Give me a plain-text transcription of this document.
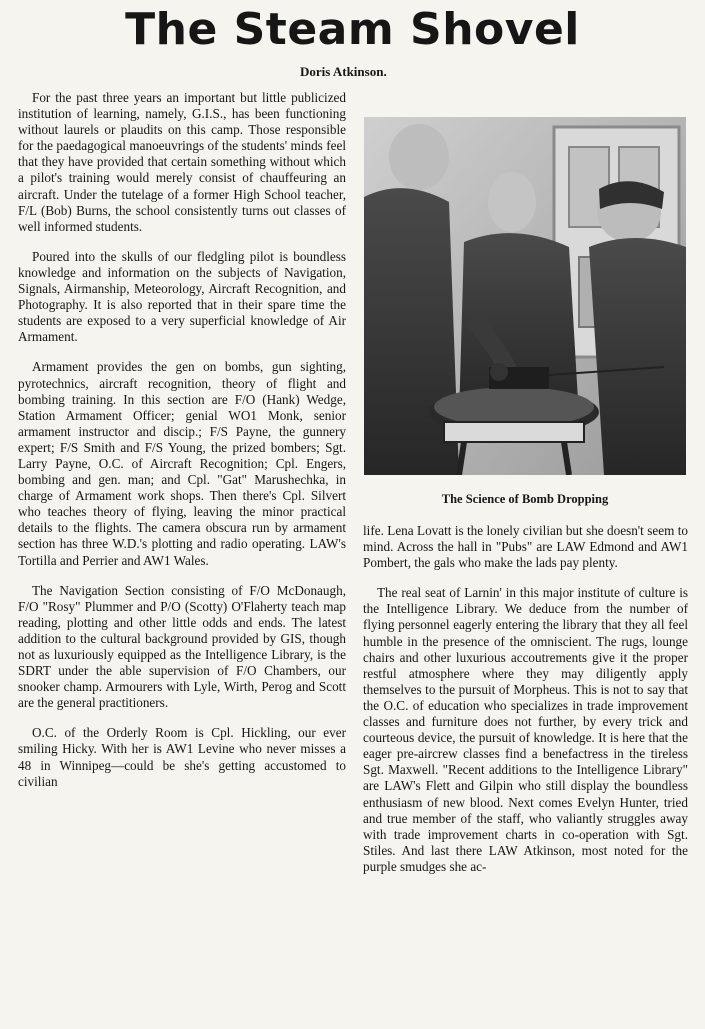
The Steam Shovel

Doris Atkinson.

For the past three years an important but little publicized institution of learning, namely, G.I.S., has been functioning without laurels or plaudits on this camp. Those responsible for the paedagogical manoeuvrings of the students' minds feel that they have provided that certain something without which a pilot's training would merely consist of chauffeuring an aircraft. Under the tutelage of a former High School teacher, F/L (Bob) Burns, the school consistently turns out classes of well informed students.

Poured into the skulls of our fledgling pilot is boundless knowledge and information on the subjects of Navigation, Signals, Airmanship, Meteorology, Aircraft Recognition, and Photography. It is also reported that in their spare time the students are exposed to a very superficial knowledge of Air Armament.

Armament provides the gen on bombs, gun sighting, pyrotechnics, aircraft recognition, theory of flight and bombing training. In this section are F/O (Hank) Wedge, Station Armament Officer; genial WO1 Monk, senior armament instructor and discip.; F/S Payne, the gunnery expert; F/S Smith and F/S Young, the prized bombers; Sgt. Larry Payne, O.C. of Aircraft Recognition; Cpl. Engers, bombing and gen. man; and Cpl. "Gat" Marushechka, in charge of Armament work shops. Then there's Cpl. Silvert who teaches theory of flying, leaving the minor practical details to the flights. The camera obscura run by armament section has three W.D.'s plotting and radio operating. LAW's Tortilla and Perrier and AW1 Wales.

The Navigation Section consisting of F/O McDonaugh, F/O "Rosy" Plummer and P/O (Scotty) O'Flaherty teach map reading, plotting and other little odds and ends. The latest addition to the cultural background provided by GIS, though not as luxuriously equipped as the Intelligence Library, is the SDRT under the able supervision of F/O Chambers, our snooker champ. Armourers with Lyle, Wirth, Perog and Scott are the general practitioners.

O.C. of the Orderly Room is Cpl. Hickling, our ever smiling Hicky. With her is AW1 Levine who never misses a 48 in Winnipeg—could be she's getting accustomed to civilian

The Science of Bomb Dropping

life. Lena Lovatt is the lonely civilian but she doesn't seem to mind. Across the hall in "Pubs" are LAW Edmond and AW1 Pombert, the gals who make the lads pay plenty.

The real seat of Larnin' in this major institute of culture is the Intelligence Library. We deduce from the number of flying personnel eagerly entering the library that they all feel humble in the presence of the omniscient. The rugs, lounge chairs and other luxurious accoutrements give it the proper restful atmosphere where they may diligently apply themselves to the pursuit of Morpheus. This is not to say that the O.C. of education who specializes in trade improvement classes and furniture does not further, by every trick and courteous device, the pursuit of knowledge. It is here that the eager pre-aircrew classes find a benefactress in the tireless Sgt. Maxwell. "Recent additions to the Intelligence Library" are LAW's Flett and Gilpin who still display the boundless enthusiasm of new blood. Next comes Evelyn Hunter, tried and true member of the staff, who valiantly struggles away with trade improvement charts in co-operation with Sgt. Stiles. And last there LAW Atkinson, most noted for the purple smudges she ac-
